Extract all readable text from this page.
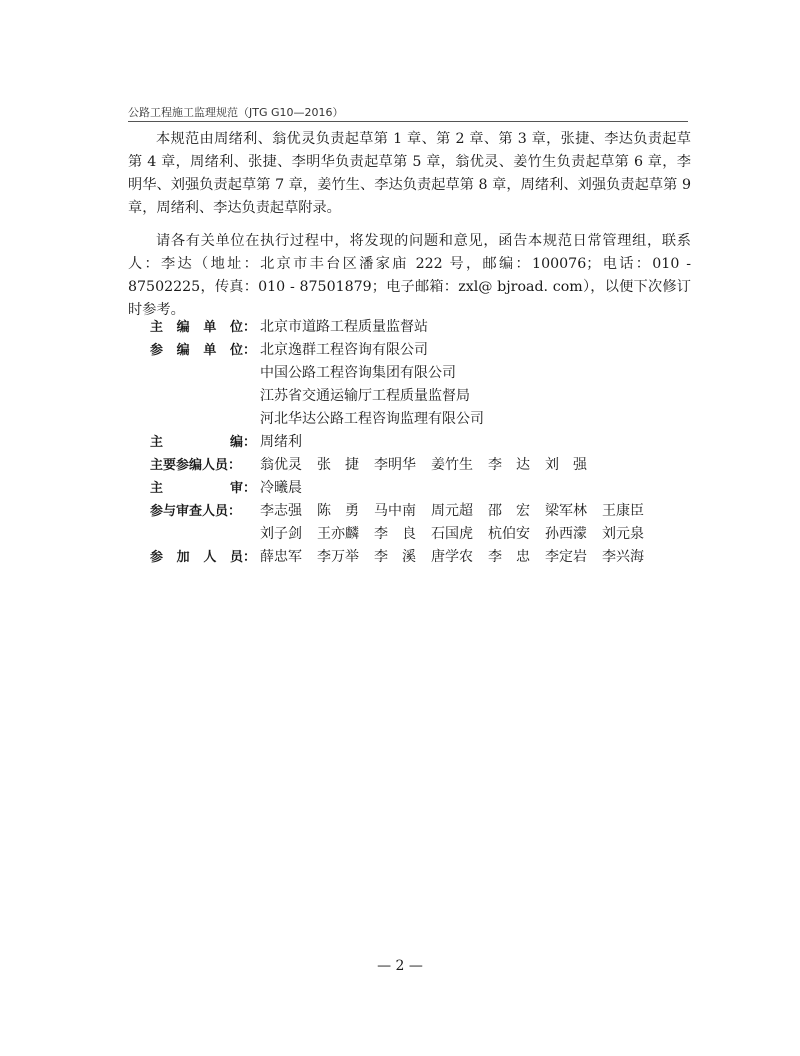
公路工程施工监理规范（JTG G10—2016）

本规范由周绪利、翁优灵负责起草第 1 章、第 2 章、第 3 章，张捷、李达负责起草第 4 章，周绪利、张捷、李明华负责起草第 5 章，翁优灵、姜竹生负责起草第 6 章，李明华、刘强负责起草第 7 章，姜竹生、李达负责起草第 8 章，周绪利、刘强负责起草第 9 章，周绪利、李达负责起草附录。

请各有关单位在执行过程中，将发现的问题和意见，函告本规范日常管理组，联系人：李达（地址：北京市丰台区潘家庙 222 号，邮编：100076；电话：010 - 87502225，传真：010 - 87501879；电子邮箱：zxl@ bjroad. com），以便下次修订时参考。

主 编 单 位： 北京市道路工程质量监督站
参 编 单 位： 北京逸群工程咨询有限公司
中国公路工程咨询集团有限公司
江苏省交通运输厅工程质量监督局
河北华达公路工程咨询监理有限公司
主	编： 周绪利
主要参编人员：	翁优灵	张　捷	李明华	姜竹生	李　达	刘　强
主	审： 冷曦晨
参与审查人员：	李志强	陈　勇	马中南	周元超	邵　宏	梁军林	王康臣
刘子剑	王亦麟	李　良	石国虎	杭伯安	孙西濛	刘元泉
参 加 人 员： 薛忠军	李万举	李　溪	唐学农	李　忠	李定岩	李兴海
— 2 —
